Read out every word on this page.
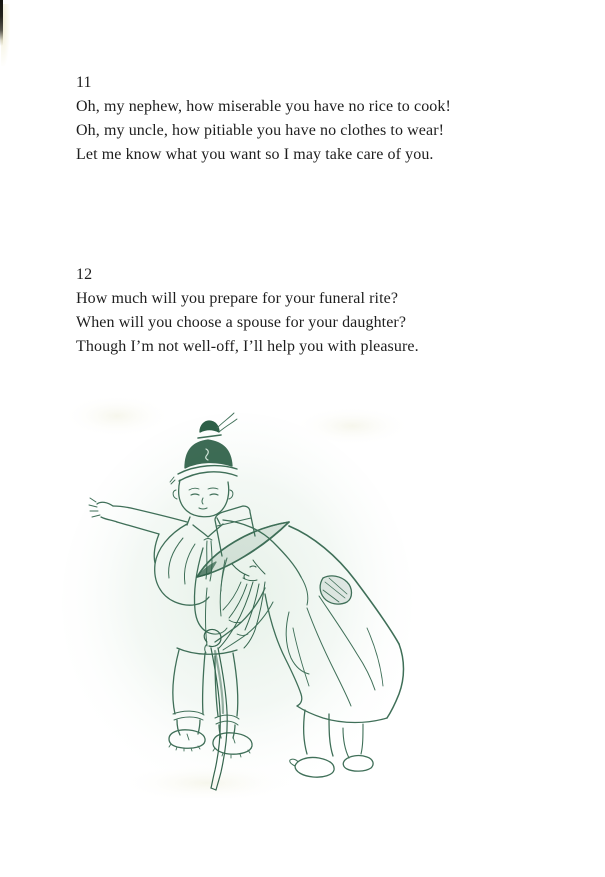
11
Oh, my nephew, how miserable you have no rice to cook!
Oh, my uncle, how pitiable you have no clothes to wear!
Let me know what you want so I may take care of you.
12
How much will you prepare for your funeral rite?
When will you choose a spouse for your daughter?
Though I’m not well-off, I’ll help you with pleasure.
